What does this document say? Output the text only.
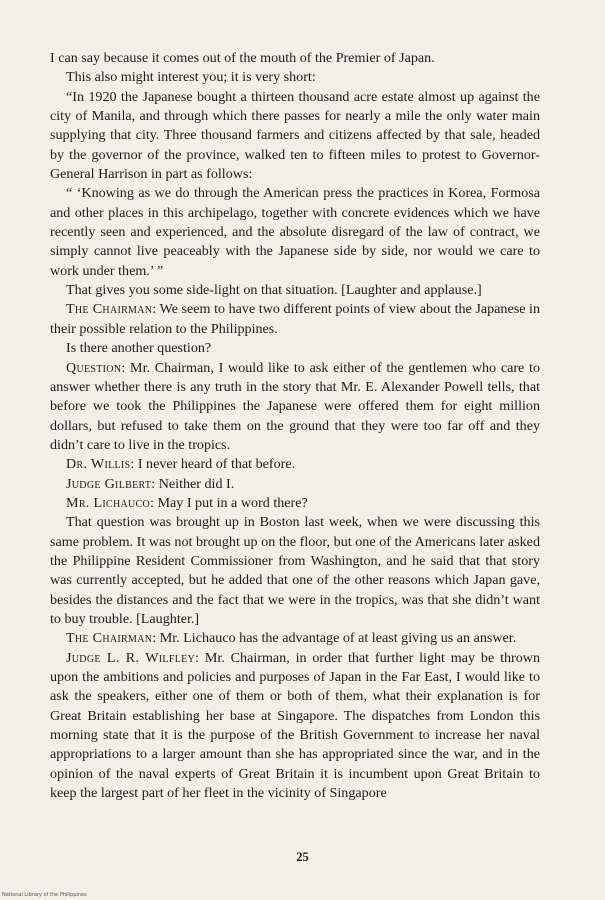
I can say because it comes out of the mouth of the Premier of Japan.

This also might interest you; it is very short:

“In 1920 the Japanese bought a thirteen thousand acre estate almost up against the city of Manila, and through which there passes for nearly a mile the only water main supplying that city. Three thousand farmers and citizens affected by that sale, headed by the governor of the province, walked ten to fifteen miles to protest to Governor-General Harrison in part as follows:

“ ‘Knowing as we do through the American press the practices in Korea, Formosa and other places in this archipelago, together with concrete evidences which we have recently seen and experienced, and the absolute disregard of the law of contract, we simply cannot live peaceably with the Japanese side by side, nor would we care to work under them.’ ”

That gives you some side-light on that situation. [Laughter and applause.]

The Chairman: We seem to have two different points of view about the Japanese in their possible relation to the Philippines.

Is there another question?

Question: Mr. Chairman, I would like to ask either of the gentlemen who care to answer whether there is any truth in the story that Mr. E. Alexander Powell tells, that before we took the Philippines the Japanese were offered them for eight million dollars, but refused to take them on the ground that they were too far off and they didn’t care to live in the tropics.

Dr. Willis: I never heard of that before.

Judge Gilbert: Neither did I.

Mr. Lichauco: May I put in a word there?

That question was brought up in Boston last week, when we were discussing this same problem. It was not brought up on the floor, but one of the Americans later asked the Philippine Resident Commissioner from Washington, and he said that that story was currently accepted, but he added that one of the other reasons which Japan gave, besides the distances and the fact that we were in the tropics, was that she didn’t want to buy trouble. [Laughter.]

The Chairman: Mr. Lichauco has the advantage of at least giving us an answer.

Judge L. R. Wilfley: Mr. Chairman, in order that further light may be thrown upon the ambitions and policies and purposes of Japan in the Far East, I would like to ask the speakers, either one of them or both of them, what their explanation is for Great Britain establishing her base at Singapore. The dispatches from London this morning state that it is the purpose of the British Government to increase her naval appropriations to a larger amount than she has appropriated since the war, and in the opinion of the naval experts of Great Britain it is incumbent upon Great Britain to keep the largest part of her fleet in the vicinity of Singapore

25
National Library of the Philippines
